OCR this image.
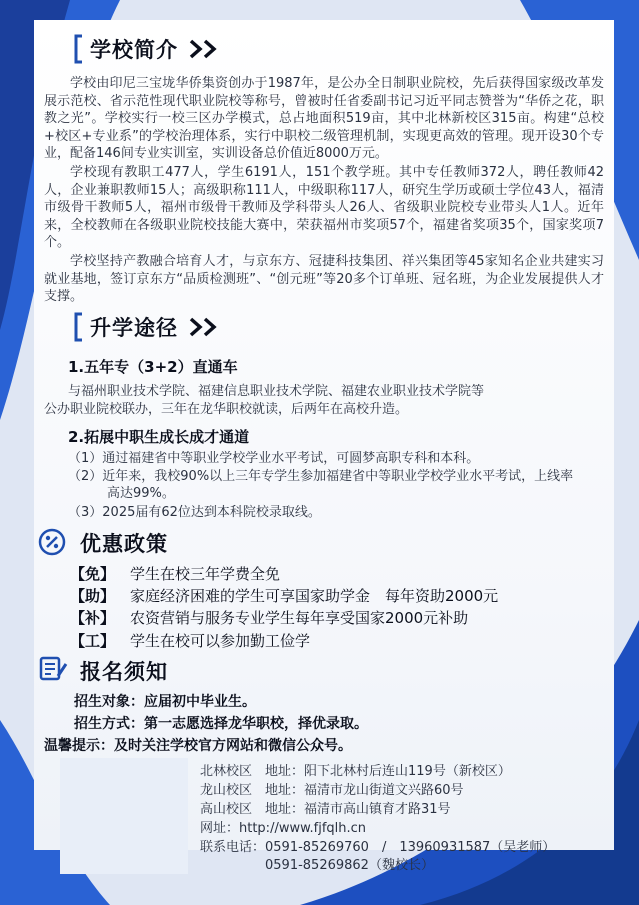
学校简介
学校由印尼三宝垅华侨集资创办于1987年，是公办全日制职业院校，先后获得国家级改革发展示范校、省示范性现代职业院校等称号，曾被时任省委副书记习近平同志赞誉为“华侨之花，职教之光”。学校实行一校三区办学模式，总占地面积519亩，其中北林新校区315亩。构建“总校+校区+专业系”的学校治理体系，实行中职校二级管理机制，实现更高效的管理。现开设30个专业，配备146间专业实训室，实训设备总价值近8000万元。
学校现有教职工477人，学生6191人，151个教学班。其中专任教师372人，聘任教师42人，企业兼职教师15人；高级职称111人，中级职称117人，研究生学历或硕士学位43人，福清市级骨干教师5人，福州市级骨干教师及学科带头人26人、省级职业院校专业带头人1人。近年来，全校教师在各级职业院校技能大赛中，荣获福州市奖项57个，福建省奖项35个，国家奖项7个。
学校坚持产教融合培育人才，与京东方、冠捷科技集团、祥兴集团等45家知名企业共建实习就业基地，签订京东方“品质检测班”、“创元班”等20多个订单班、冠名班，为企业发展提供人才支撑。
升学途径
1.五年专（3+2）直通车
与福州职业技术学院、福建信息职业技术学院、福建农业职业技术学院等
公办职业院校联办，三年在龙华职校就读，后两年在高校升造。
2.拓展中职生成长成才通道
（1）通过福建省中等职业学校学业水平考试，可圆梦高职专科和本科。
（2）近年来，我校90%以上三年专学生参加福建省中等职业学校学业水平考试，上线率
　　　高达99%。
（3）2025届有62位达到本科院校录取线。
优惠政策
【免】 学生在校三年学费全免
【助】 家庭经济困难的学生可享国家助学金　每年资助2000元
【补】 农资营销与服务专业学生每年享受国家2000元补助
【工】 学生在校可以参加勤工俭学
报名须知
招生对象：应届初中毕业生。
招生方式：第一志愿选择龙华职校，择优录取。
温馨提示：及时关注学校官方网站和微信公众号。
北林校区　地址：阳下北林村后连山119号（新校区）
龙山校区　地址：福清市龙山街道文兴路60号
高山校区　地址：福清市高山镇育才路31号
网址：http://www.fjfqlh.cn
联系电话：0591-85269760　/　13960931587（吴老师）
　　　　　0591-85269862（魏校长）
